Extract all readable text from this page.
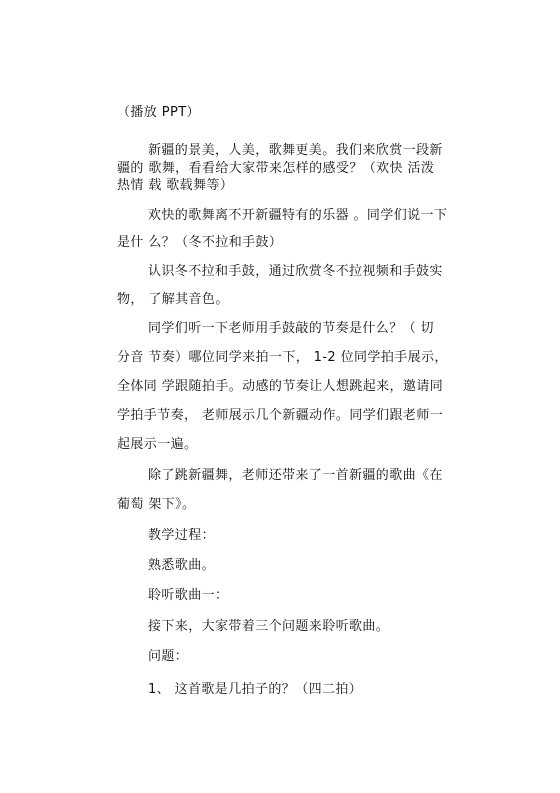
（播放 PPT）
新疆的景美，人美，歌舞更美。我们来欣赏一段新
疆的 歌舞，看看给大家带来怎样的感受？（欢快 活泼
热情 载 歌载舞等）
欢快的歌舞离不开新疆特有的乐器 。同学们说一下
是什 么？（冬不拉和手鼓）
认识冬不拉和手鼓，通过欣赏冬不拉视频和手鼓实
物， 了解其音色。
同学们听一下老师用手鼓敲的节奏是什么？（ 切
分音 节奏）哪位同学来拍一下， 1-2 位同学拍手展示，
全体同 学跟随拍手。动感的节奏让人想跳起来，邀请同
学拍手节奏， 老师展示几个新疆动作。同学们跟老师一
起展示一遍。
除了跳新疆舞，老师还带来了一首新疆的歌曲《在
葡萄 架下》。
教学过程：
熟悉歌曲。
聆听歌曲一：
接下来，大家带着三个问题来聆听歌曲。
问题：
1、 这首歌是几拍子的？（四二拍）
